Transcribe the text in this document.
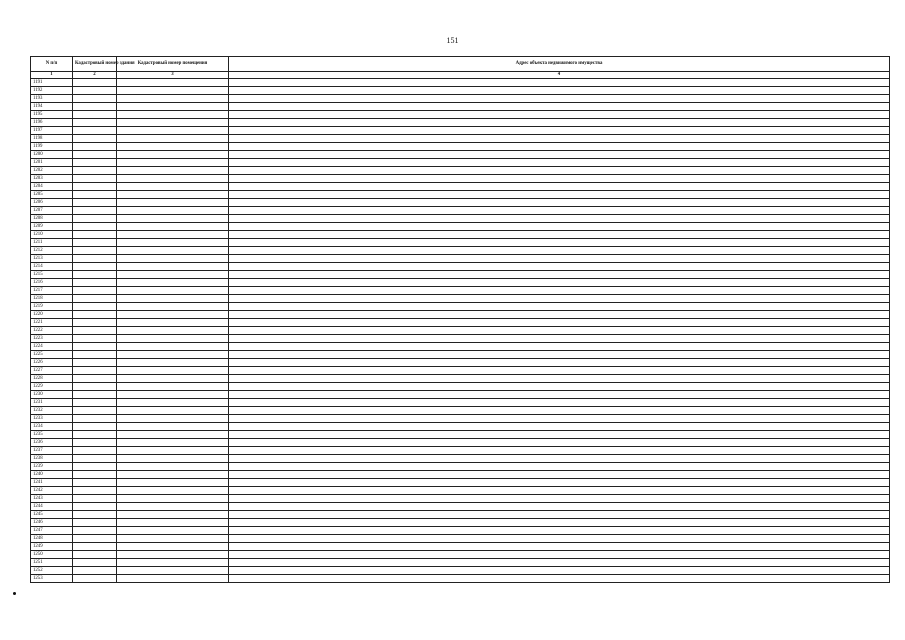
151
N п/п	Кадастровый номер здания	Кадастровый номер помещения	Адрес объекта недвижимого имущества
1	2	3	4
1191			
1192			
1193			
1194			
1195			
1196			
1197			
1198			
1199			
1200			
1201			
1202			
1203			
1204			
1205			
1206			
1207			
1208			
1209			
1210			
1211			
1212			
1213			
1214			
1215			
1216			
1217			
1218			
1219			
1220			
1221			
1222			
1223			
1224			
1225			
1226			
1227			
1228			
1229			
1230			
1231			
1232			
1233			
1234			
1235			
1236			
1237			
1238			
1239			
1240			
1241			
1242			
1243			
1244			
1245			
1246			
1247			
1248			
1249			
1250			
1251			
1252			
1253			
